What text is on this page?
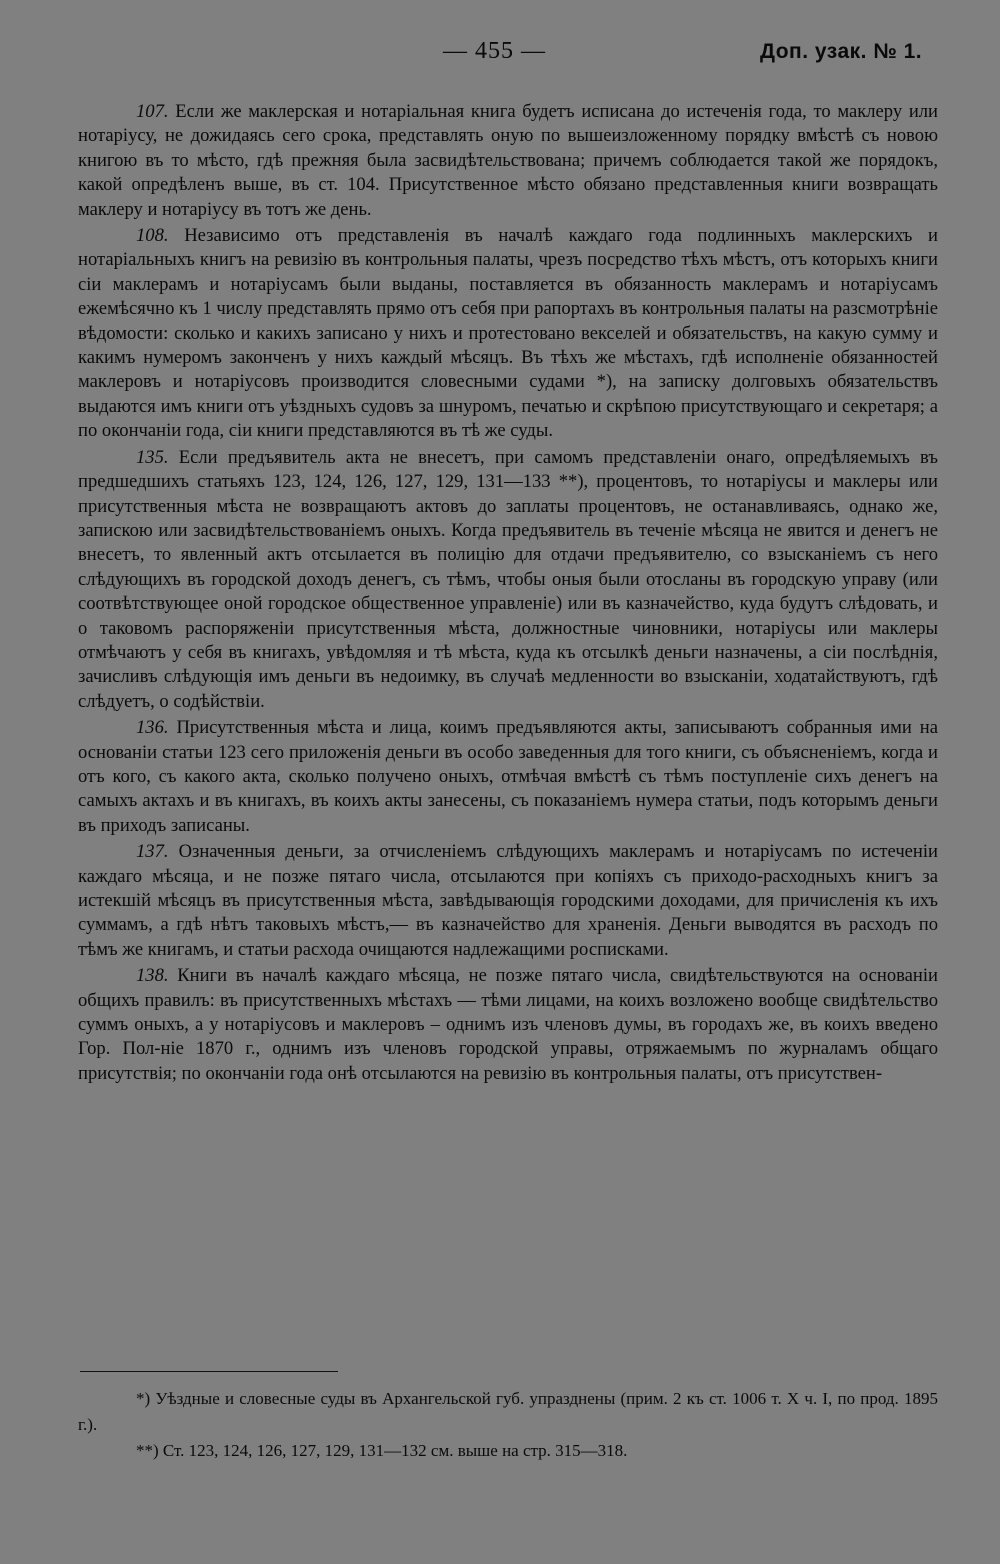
— 455 —	Доп. узак. № 1.

107. Если же маклерская и нотаріальная книга будетъ исписана до истеченія года, то маклеру или нотаріусу, не дожидаясь сего срока, представлять оную по вышеизложенному порядку вмѣстѣ съ новою книгою въ то мѣсто, гдѣ прежняя была засвидѣтельствована; причемъ соблюдается такой же порядокъ, какой опредѣленъ выше, въ ст. 104. Присутственное мѣсто обязано представленныя книги возвращать маклеру и нотаріусу въ тотъ же день.

108. Независимо отъ представленія въ началѣ каждаго года подлинныхъ маклерскихъ и нотаріальныхъ книгъ на ревизію въ контрольныя палаты, чрезъ посредство тѣхъ мѣстъ, отъ которыхъ книги сіи маклерамъ и нотаріусамъ были выданы, поставляется въ обязанность маклерамъ и нотаріусамъ ежемѣсячно къ 1 числу представлять прямо отъ себя при рапортахъ въ контрольныя палаты на разсмотрѣніе вѣдомости: сколько и какихъ записано у нихъ и протестовано векселей и обязательствъ, на какую сумму и какимъ нумеромъ законченъ у нихъ каждый мѣсяцъ. Въ тѣхъ же мѣстахъ, гдѣ исполненіе обязанностей маклеровъ и нотаріусовъ производится словесными судами *), на записку долговыхъ обязательствъ выдаются имъ книги отъ уѣздныхъ судовъ за шнуромъ, печатью и скрѣпою присутствующаго и секретаря; а по окончаніи года, сіи книги представляются въ тѣ же суды.

135. Если предъявитель акта не внесетъ, при самомъ представленіи онаго, опредѣляемыхъ въ предшедшихъ статьяхъ 123, 124, 126, 127, 129, 131—133 **), процентовъ, то нотаріусы и маклеры или присутственныя мѣста не возвращаютъ актовъ до заплаты процентовъ, не останавливаясь, однако же, запискою или засвидѣтельствованіемъ оныхъ. Когда предъявитель въ теченіе мѣсяца не явится и денегъ не внесетъ, то явленный актъ отсылается въ полицію для отдачи предъявителю, со взысканіемъ съ него слѣдующихъ въ городской доходъ денегъ, съ тѣмъ, чтобы оныя были отосланы въ городскую управу (или соотвѣтствующее оной городское общественное управленіе) или въ казначейство, куда будутъ слѣдовать, и о таковомъ распоряженіи присутственныя мѣста, должностные чиновники, нотаріусы или маклеры отмѣчаютъ у себя въ книгахъ, увѣдомляя и тѣ мѣста, куда къ отсылкѣ деньги назначены, а сіи послѣднія, зачисливъ слѣдующія имъ деньги въ недоимку, въ случаѣ медленности во взысканіи, ходатайствуютъ, гдѣ слѣдуетъ, о содѣйствіи.

136. Присутственныя мѣста и лица, коимъ предъявляются акты, записываютъ собранныя ими на основаніи статьи 123 сего приложенія деньги въ особо заведенныя для того книги, съ объясненіемъ, когда и отъ кого, съ какого акта, сколько получено оныхъ, отмѣчая вмѣстѣ съ тѣмъ поступленіе сихъ денегъ на самыхъ актахъ и въ книгахъ, въ коихъ акты занесены, съ показаніемъ нумера статьи, подъ которымъ деньги въ приходъ записаны.

137. Означенныя деньги, за отчисленіемъ слѣдующихъ маклерамъ и нотаріусамъ по истеченіи каждаго мѣсяца, и не позже пятаго числа, отсылаются при копіяхъ съ приходо-расходныхъ книгъ за истекшій мѣсяцъ въ присутственныя мѣста, завѣдывающія городскими доходами, для причисленія къ ихъ суммамъ, а гдѣ нѣтъ таковыхъ мѣстъ,— въ казначейство для храненія. Деньги выводятся въ расходъ по тѣмъ же книгамъ, и статьи расхода очищаются надлежащими росписками.

138. Книги въ началѣ каждаго мѣсяца, не позже пятаго числа, свидѣтельствуются на основаніи общихъ правилъ: въ присутственныхъ мѣстахъ — тѣми лицами, на коихъ возложено вообще свидѣтельство суммъ оныхъ, а у нотаріусовъ и маклеровъ – однимъ изъ членовъ думы, въ городахъ же, въ коихъ введено Гор. Пол-ніе 1870 г., однимъ изъ членовъ городской управы, отряжаемымъ по журналамъ общаго присутствія; по окончаніи года онѣ отсылаются на ревизію въ контрольныя палаты, отъ присутствен-

*) Уѣздные и словесные суды въ Архангельской губ. упразднены (прим. 2 къ ст. 1006 т. X ч. I, по прод. 1895 г.).

**) Ст. 123, 124, 126, 127, 129, 131—132 см. выше на стр. 315—318.
